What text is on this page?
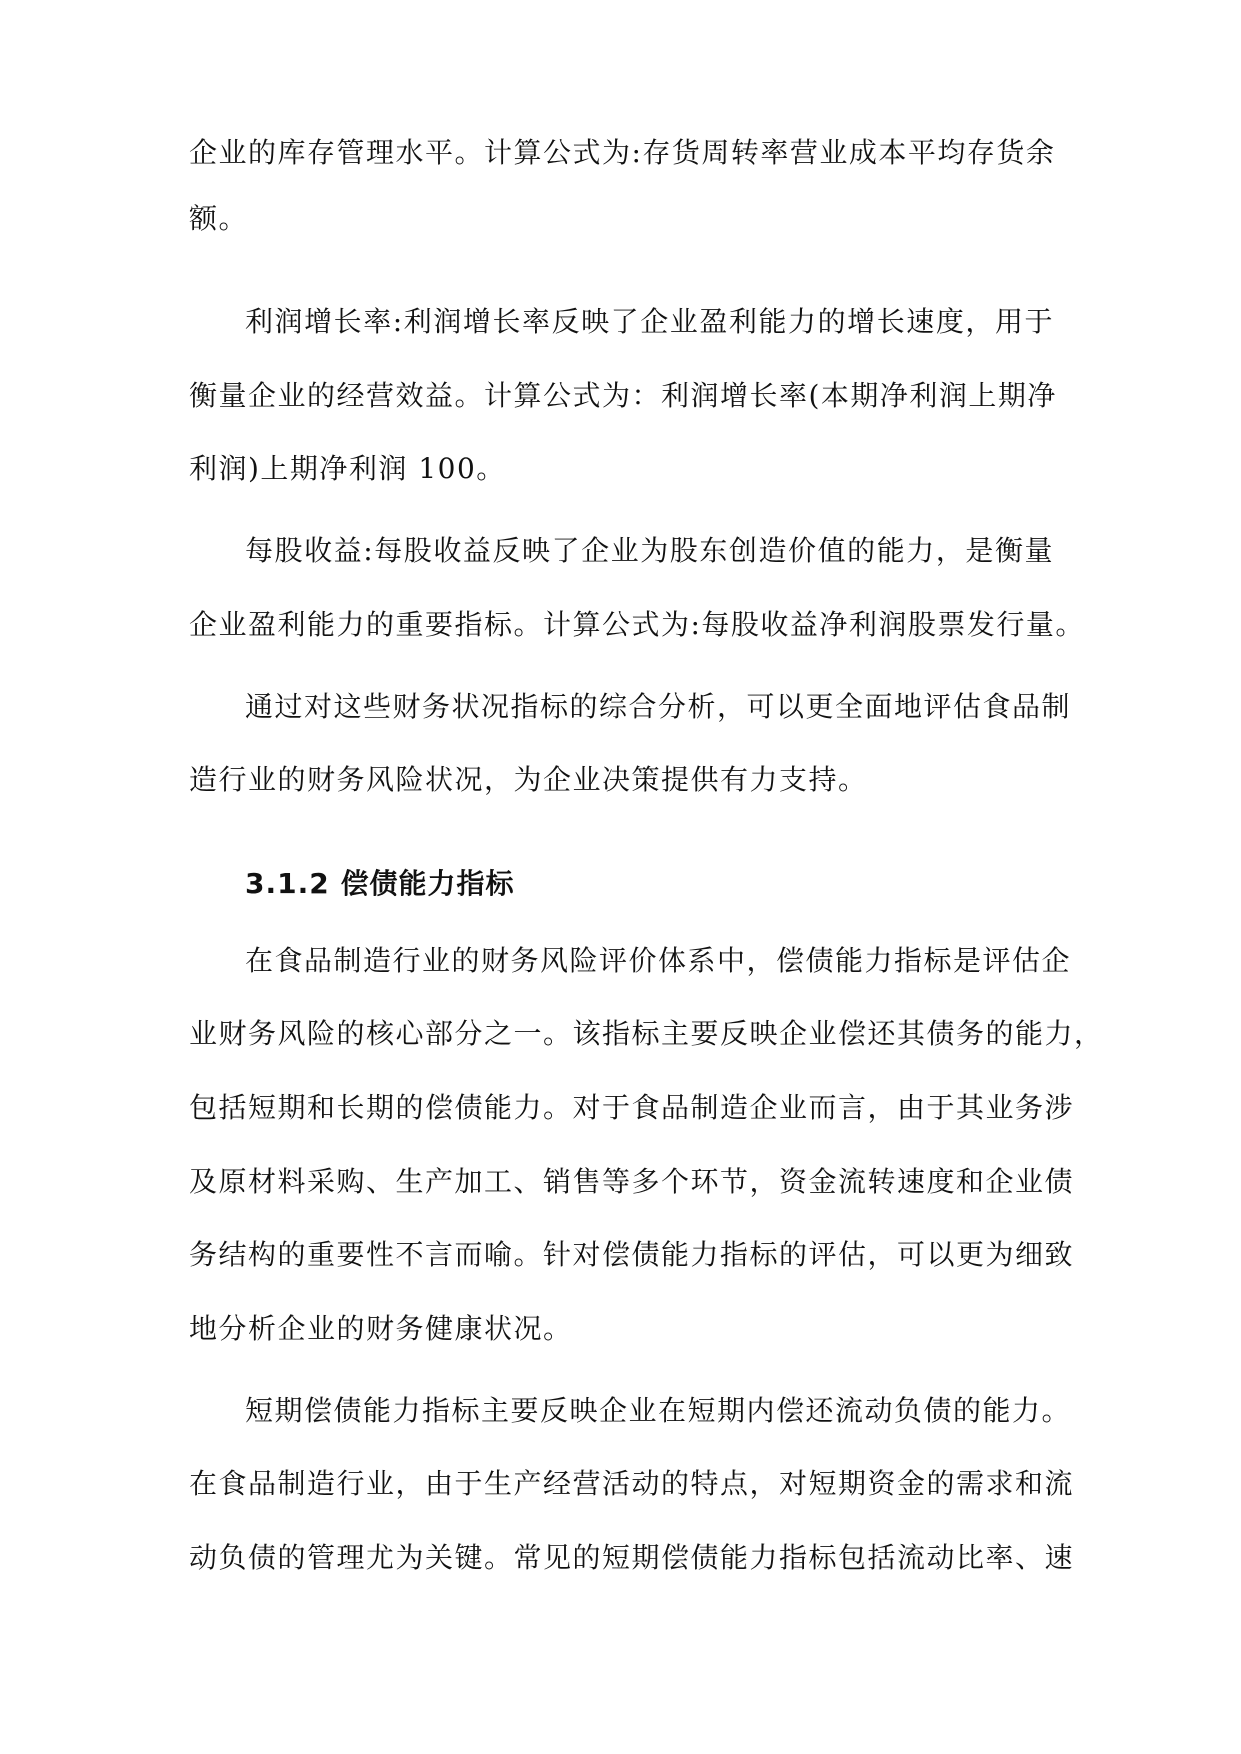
企业的库存管理水平。计算公式为:存货周转率营业成本平均存货余
额。
利润增长率:利润增长率反映了企业盈利能力的增长速度，用于
衡量企业的经营效益。计算公式为：利润增长率(本期净利润上期净
利润)上期净利润 100。
每股收益:每股收益反映了企业为股东创造价值的能力，是衡量
企业盈利能力的重要指标。计算公式为:每股收益净利润股票发行量。
通过对这些财务状况指标的综合分析，可以更全面地评估食品制
造行业的财务风险状况，为企业决策提供有力支持。
3.1.2 偿债能力指标
在食品制造行业的财务风险评价体系中，偿债能力指标是评估企
业财务风险的核心部分之一。该指标主要反映企业偿还其债务的能力，
包括短期和长期的偿债能力。对于食品制造企业而言，由于其业务涉
及原材料采购、生产加工、销售等多个环节，资金流转速度和企业债
务结构的重要性不言而喻。针对偿债能力指标的评估，可以更为细致
地分析企业的财务健康状况。
短期偿债能力指标主要反映企业在短期内偿还流动负债的能力。
在食品制造行业，由于生产经营活动的特点，对短期资金的需求和流
动负债的管理尤为关键。常见的短期偿债能力指标包括流动比率、速
